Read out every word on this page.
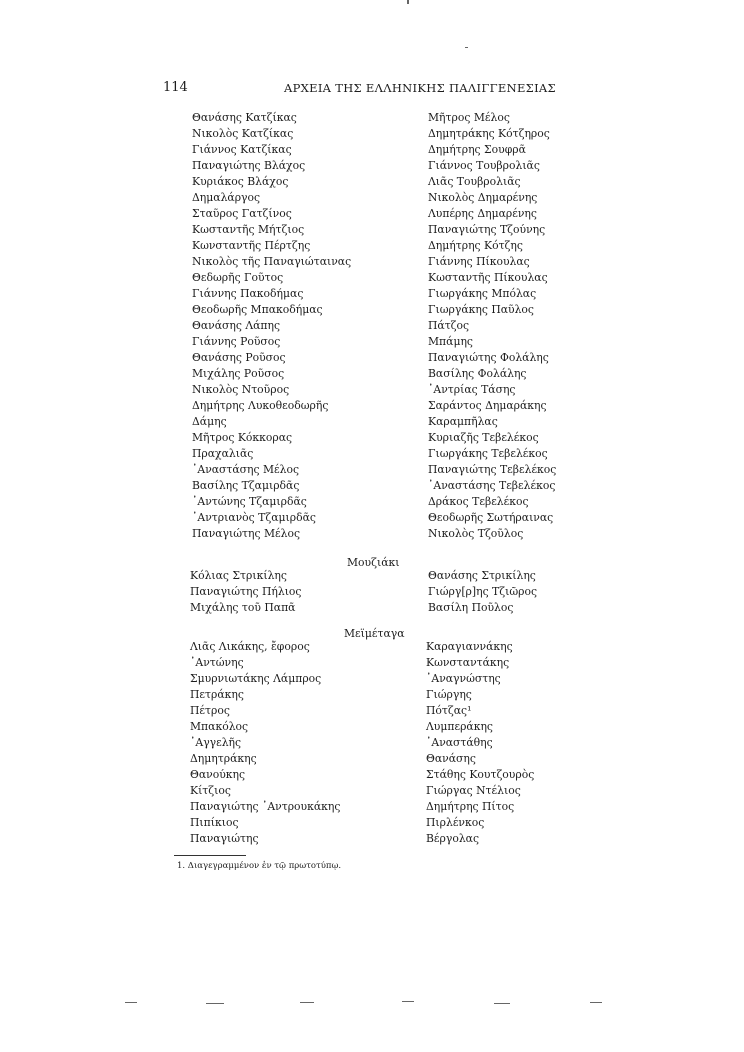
114	ΑΡΧΕΙΑ ΤΗΣ ΕΛΛΗΝΙΚΗΣ ΠΑΛΙΓΓΕΝΕΣΙΑΣ
Θανάσης Κατζίκας
Νικολὸς Κατζίκας
Γιάννος Κατζίκας
Παναγιώτης Βλάχος
Κυριάκος Βλάχος
Δημαλάργος
Σταῦρος Γατζίνος
Κωσταντῆς Μήτζιος
Κωνσταντῆς Πέρτζης
Νικολὸς τῆς Παναγιώταινας
Θεδωρῆς Γοῦτος
Γιάννης Πακοδήμας
Θεοδωρῆς Μπακοδήμας
Θανάσης Λάπης
Γιάννης Ροῦσος
Θανάσης Ροῦσος
Μιχάλης Ροῦσος
Νικολὸς Ντοῦρος
Δημήτρης Λυκοθεοδωρῆς
Δάμης
Μῆτρος Κόκκορας
Πραχαλιᾶς
᾿Αναστάσης Μέλος
Βασίλης Τζαμιρδᾶς
᾿Αντώνης Τζαμιρδᾶς
᾿Αντριανὸς Τζαμιρδᾶς
Παναγιώτης Μέλος
Μῆτρος Μέλος
Δημητράκης Κότζηρος
Δημήτρης Σουφρᾶ
Γιάννος Τουβρολιᾶς
Λιᾶς Τουβρολιᾶς
Νικολὸς Δημαρένης
Λυπέρης Δημαρένης
Παναγιώτης Τζούνης
Δημήτρης Κότζης
Γιάννης Πίκουλας
Κωσταντῆς Πίκουλας
Γιωργάκης Μπόλας
Γιωργάκης Παῦλος
Πάτζος
Μπάμης
Παναγιώτης Φολάλης
Βασίλης Φολάλης
᾿Αντρίας Τάσης
Σαράντος Δημαράκης
Καραμπῆλας
Κυριαζῆς Τεβελέκος
Γιωργάκης Τεβελέκος
Παναγιώτης Τεβελέκος
᾿Αναστάσης Τεβελέκος
Δράκος Τεβελέκος
Θεοδωρῆς Σωτήραινας
Νικολὸς Τζοῦλος
Μουζιάκι
Κόλιας Στρικίλης
Παναγιώτης Πήλιος
Μιχάλης τοῦ Παπᾶ
Θανάσης Στρικίλης
Γιώργ[ρ]ης Τζιῶρος
Βασίλη Ποῦλος
Μεϊμέταγα
Λιᾶς Λικάκης, ἔφορος
᾿Αντώνης
Σμυρνιωτάκης Λάμπρος
Πετράκης
Πέτρος
Μπακόλος
᾿Αγγελῆς
Δημητράκης
Θανούκης
Κίτζιος
Παναγιώτης ᾿Αντρουκάκης
Πιπίκιος
Παναγιώτης
Καραγιαννάκης
Κωνσταντάκης
᾿Αναγνώστης
Γιώργης
Πότζας¹
Λυμπεράκης
᾿Αναστάθης
Θανάσης
Στάθης Κουτζουρὸς
Γιώργας Ντέλιος
Δημήτρης Πίτος
Πιρλένκος
Βέργολας
1. Διαγεγραμμένον ἐν τῷ πρωτοτύπῳ.
